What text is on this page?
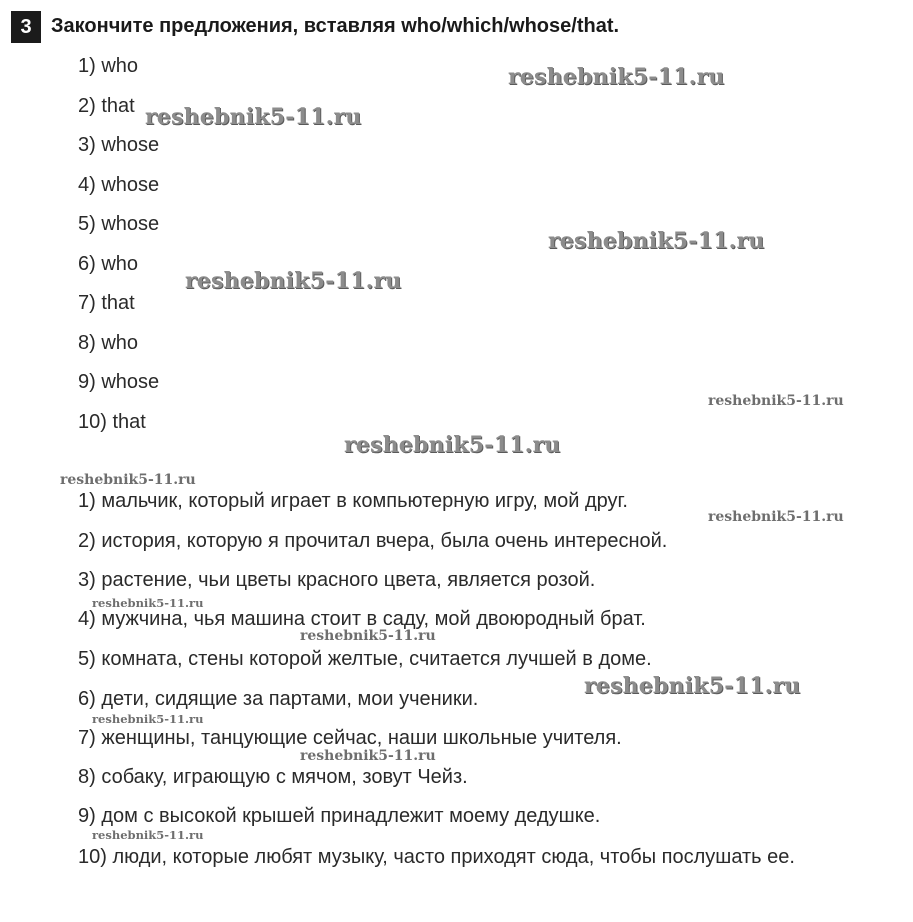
3 Закончите предложения, вставляя who/which/whose/that.
1) who
2) that
3) whose
4) whose
5) whose
6) who
7) that
8) who
9) whose
10) that
1) мальчик, который играет в компьютерную игру, мой друг.
2) история, которую я прочитал вчера, была очень интересной.
3) растение, чьи цветы красного цвета, является розой.
4) мужчина, чья машина стоит в саду, мой двоюродный брат.
5) комната, стены которой желтые, считается лучшей в доме.
6) дети, сидящие за партами, мои ученики.
7) женщины, танцующие сейчас, наши школьные учителя.
8) собаку, играющую с мячом, зовут Чейз.
9) дом с высокой крышей принадлежит моему дедушке.
10) люди, которые любят музыку, часто приходят сюда, чтобы послушать ее.
reshebnik5-11.ru
reshebnik5-11.ru
reshebnik5-11.ru
reshebnik5-11.ru
reshebnik5-11.ru
reshebnik5-11.ru
reshebnik5-11.ru
reshebnik5-11.ru
reshebnik5-11.ru
reshebnik5-11.ru
reshebnik5-11.ru
reshebnik5-11.ru
reshebnik5-11.ru
reshebnik5-11.ru
